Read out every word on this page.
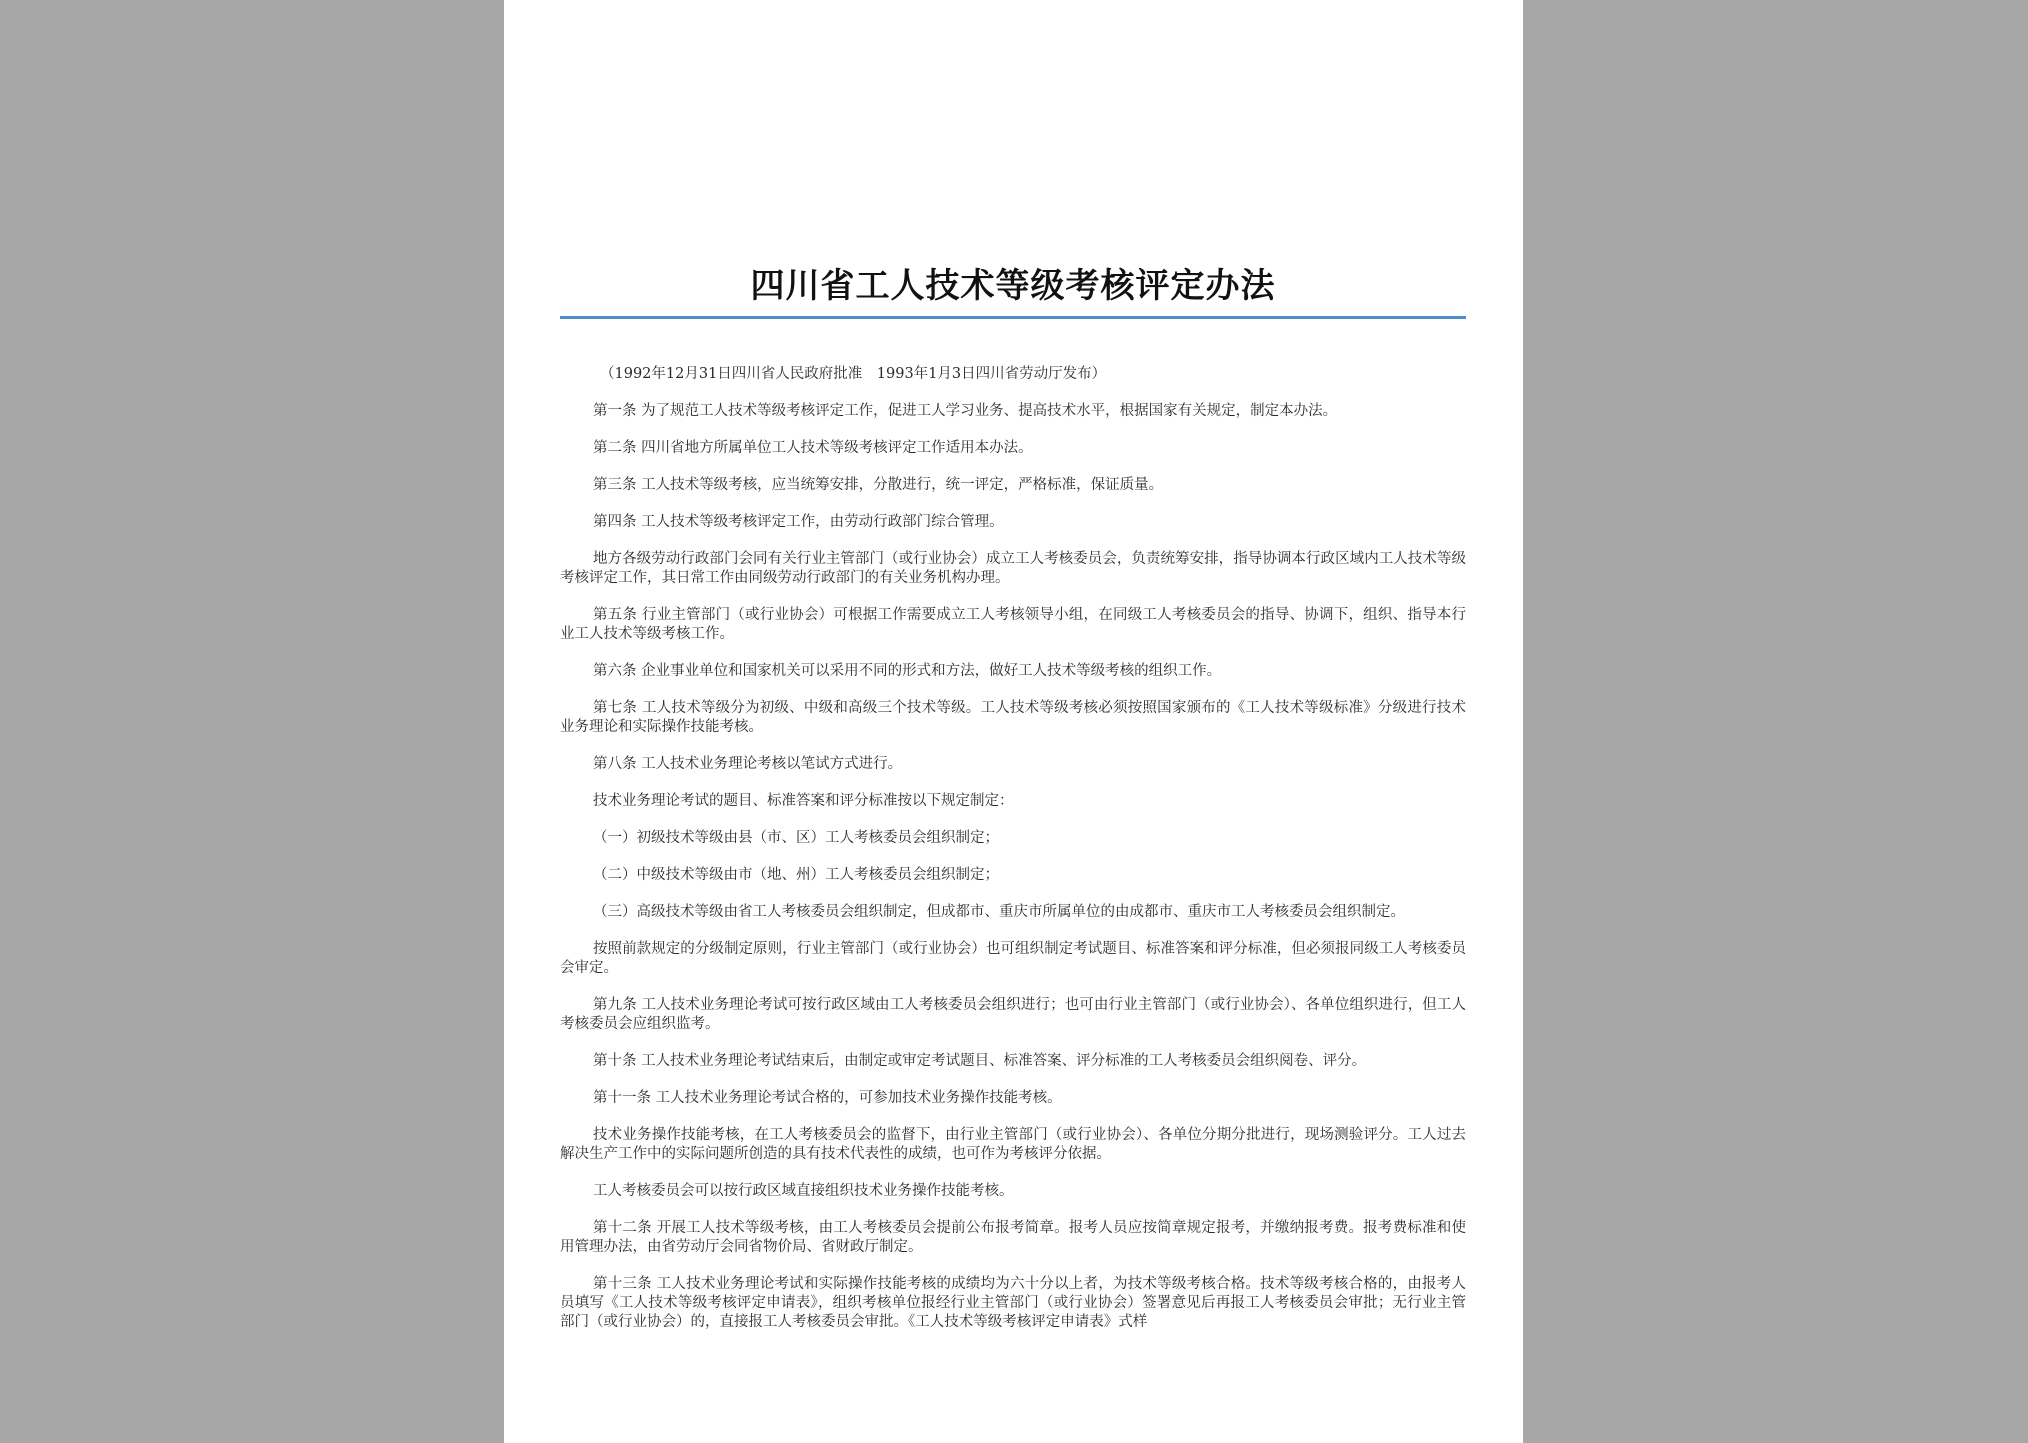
四川省工人技术等级考核评定办法

（1992年12月31日四川省人民政府批准　1993年1月3日四川省劳动厅发布）

第一条 为了规范工人技术等级考核评定工作，促进工人学习业务、提高技术水平，根据国家有关规定，制定本办法。

第二条 四川省地方所属单位工人技术等级考核评定工作适用本办法。

第三条 工人技术等级考核，应当统筹安排，分散进行，统一评定，严格标准，保证质量。

第四条 工人技术等级考核评定工作，由劳动行政部门综合管理。

地方各级劳动行政部门会同有关行业主管部门（或行业协会）成立工人考核委员会，负责统筹安排，指导协调本行政区域内工人技术等级考核评定工作，其日常工作由同级劳动行政部门的有关业务机构办理。

第五条 行业主管部门（或行业协会）可根据工作需要成立工人考核领导小组，在同级工人考核委员会的指导、协调下，组织、指导本行业工人技术等级考核工作。

第六条 企业事业单位和国家机关可以采用不同的形式和方法，做好工人技术等级考核的组织工作。

第七条 工人技术等级分为初级、中级和高级三个技术等级。工人技术等级考核必须按照国家颁布的《工人技术等级标准》分级进行技术业务理论和实际操作技能考核。

第八条 工人技术业务理论考核以笔试方式进行。

技术业务理论考试的题目、标准答案和评分标准按以下规定制定：

（一）初级技术等级由县（市、区）工人考核委员会组织制定；

（二）中级技术等级由市（地、州）工人考核委员会组织制定；

（三）高级技术等级由省工人考核委员会组织制定，但成都市、重庆市所属单位的由成都市、重庆市工人考核委员会组织制定。

按照前款规定的分级制定原则，行业主管部门（或行业协会）也可组织制定考试题目、标准答案和评分标准，但必须报同级工人考核委员会审定。

第九条 工人技术业务理论考试可按行政区域由工人考核委员会组织进行；也可由行业主管部门（或行业协会）、各单位组织进行，但工人考核委员会应组织监考。

第十条 工人技术业务理论考试结束后，由制定或审定考试题目、标准答案、评分标准的工人考核委员会组织阅卷、评分。

第十一条 工人技术业务理论考试合格的，可参加技术业务操作技能考核。

技术业务操作技能考核，在工人考核委员会的监督下，由行业主管部门（或行业协会）、各单位分期分批进行，现场测验评分。工人过去解决生产工作中的实际问题所创造的具有技术代表性的成绩，也可作为考核评分依据。

工人考核委员会可以按行政区域直接组织技术业务操作技能考核。

第十二条 开展工人技术等级考核，由工人考核委员会提前公布报考简章。报考人员应按简章规定报考，并缴纳报考费。报考费标准和使用管理办法，由省劳动厅会同省物价局、省财政厅制定。

第十三条 工人技术业务理论考试和实际操作技能考核的成绩均为六十分以上者，为技术等级考核合格。技术等级考核合格的，由报考人员填写《工人技术等级考核评定申请表》，组织考核单位报经行业主管部门（或行业协会）签署意见后再报工人考核委员会审批；无行业主管部门（或行业协会）的，直接报工人考核委员会审批。《工人技术等级考核评定申请表》式样
